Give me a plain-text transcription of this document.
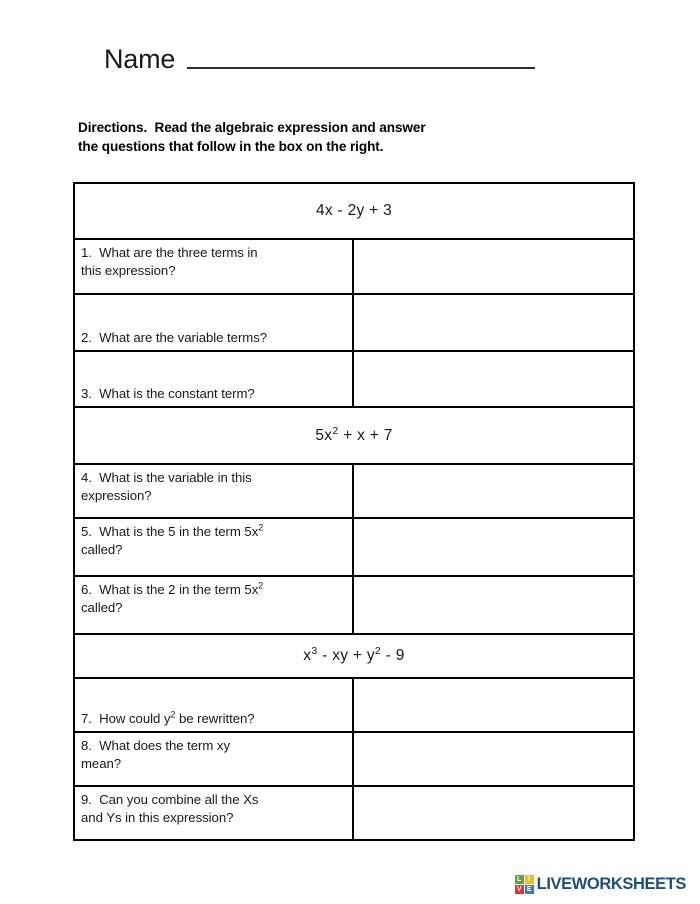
Name
Directions.  Read the algebraic expression and answer
the questions that follow in the box on the right.
4x - 2y + 3	

1. What are the three terms in
this expression?	

2. What are the variable terms?	

3. What is the constant term?	

$5x^2 + x + 7$	

4. What is the variable in this
expression?	

5. What is the 5 in the term $5x^2$
called?	

6. What is the 2 in the term $5x^2$
called?	

$x^3$ - xy + $y^2 - 9$	

7. How could $y^2$ be rewritten?	

8. What does the term xy
mean?	

9. Can you combine all the Xs
and Ys in this expression?	

L I
V E LIVEWORKSHEETS
